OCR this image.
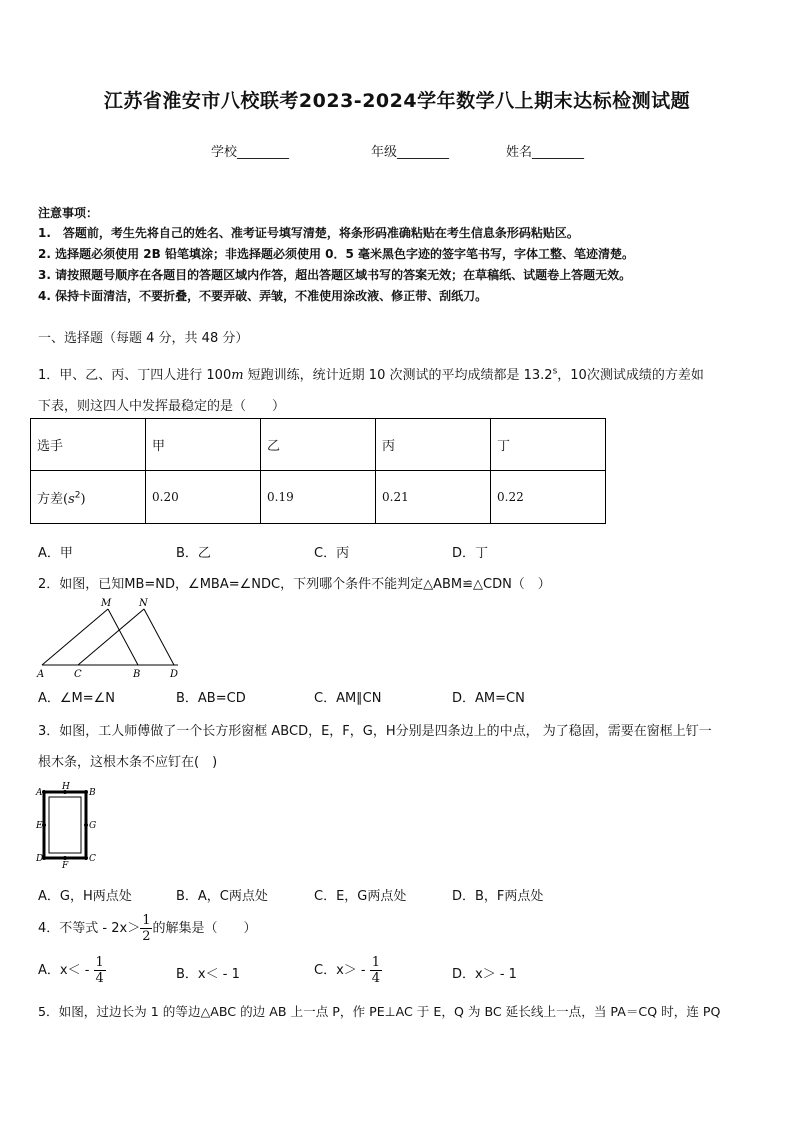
江苏省淮安市八校联考2023-2024学年数学八上期末达标检测试题
学校________	年级________	姓名________
注意事项：
1.　答题前，考生先将自己的姓名、准考证号填写清楚，将条形码准确粘贴在考生信息条形码粘贴区。
2. 选择题必须使用 2B 铅笔填涂；非选择题必须使用 0．5 毫米黑色字迹的签字笔书写，字体工整、笔迹清楚。
3. 请按照题号顺序在各题目的答题区域内作答，超出答题区域书写的答案无效；在草稿纸、试题卷上答题无效。
4. 保持卡面清洁，不要折叠，不要弄破、弄皱，不准使用涂改液、修正带、刮纸刀。
一、选择题（每题 4 分，共 48 分）
1．甲、乙、丙、丁四人进行 100m 短跑训练，统计近期 10 次测试的平均成绩都是 13.2$^s$，10次测试成绩的方差如
下表，则这四人中发挥最稳定的是（　　）
选手	甲	乙	丙	丁
方差$(s^2)$	0.20	0.19	0.21	0.22
A．甲	B．乙	C．丙	D．丁
2．如图，已知MB=ND，∠MBA=∠NDC，下列哪个条件不能判定△ABM≌△CDN（　）
M	N
A	C	B	D
A．∠M=∠N	B．AB=CD	C．AM∥CN	D．AM=CN
3．如图，工人师傅做了一个长方形窗框 ABCD，E，F，G，H分别是四条边上的中点， 为了稳固，需要在窗框上钉一
根木条，这根木条不应钉在(　)
A
H
B
E	G
D
F
C
A．G，H两点处	B．A，C两点处	C．E，G两点处	D．B，F两点处
4．不等式 - $2x> \frac{1}{2}$ 的解集是（　　）
A．$x< - \frac{1}{4}$	B．x＜ - 1	C．$x> - \frac{1}{4}$	D．x＞ - 1
5．如图，过边长为 1 的等边△ABC 的边 AB 上一点 P，作 PE⊥AC 于 E，Q 为 BC 延长线上一点，当 PA＝CQ 时，连 PQ
